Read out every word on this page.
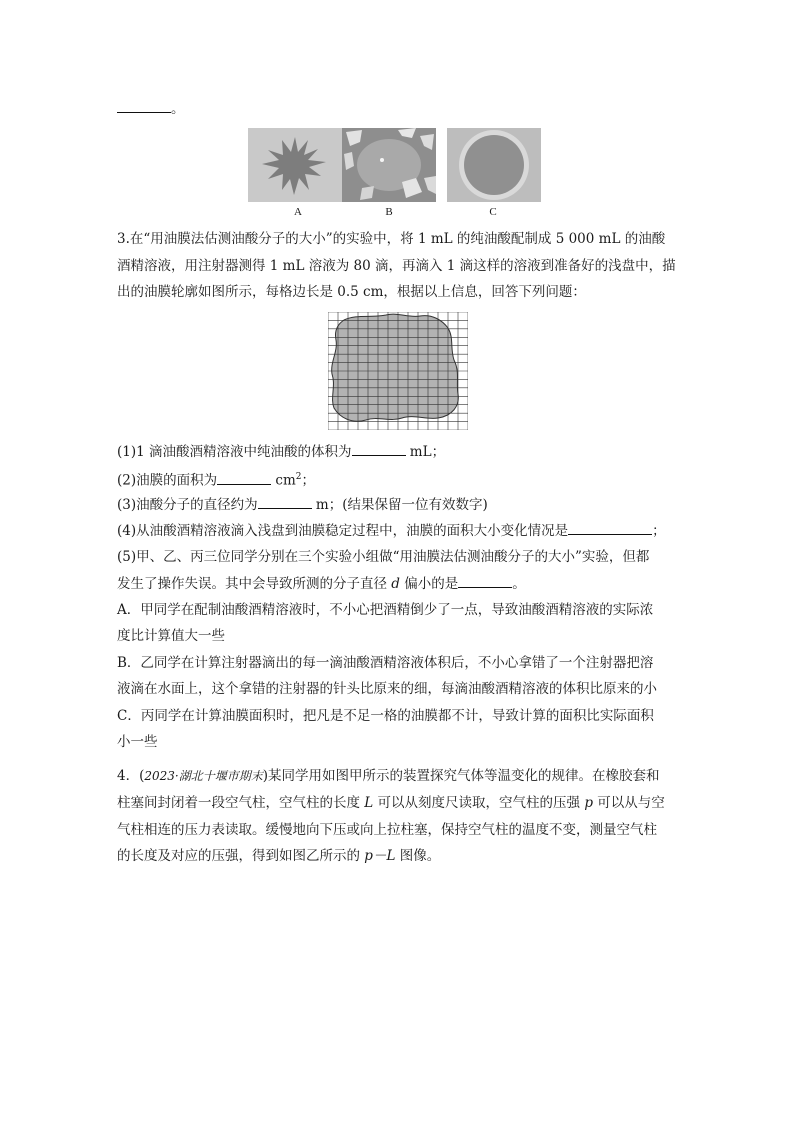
。
A	B	C
3.在“用油膜法估测油酸分子的大小”的实验中，将 1 mL 的纯油酸配制成 5 000 mL 的油酸
酒精溶液，用注射器测得 1 mL 溶液为 80 滴，再滴入 1 滴这样的溶液到准备好的浅盘中，描
出的油膜轮廓如图所示，每格边长是 0.5 cm，根据以上信息，回答下列问题：
(1)1 滴油酸酒精溶液中纯油酸的体积为	mL；
(2)油膜的面积为	$cm^2$；
(3)油酸分子的直径约为	m；(结果保留一位有效数字)
(4)从油酸酒精溶液滴入浅盘到油膜稳定过程中，油膜的面积大小变化情况是	；
(5)甲、乙、丙三位同学分别在三个实验小组做“用油膜法估测油酸分子的大小”实验，但都
发生了操作失误。其中会导致所测的分子直径 d 偏小的是	。
A．甲同学在配制油酸酒精溶液时，不小心把酒精倒少了一点，导致油酸酒精溶液的实际浓
度比计算值大一些
B．乙同学在计算注射器滴出的每一滴油酸酒精溶液体积后，不小心拿错了一个注射器把溶
液滴在水面上，这个拿错的注射器的针头比原来的细，每滴油酸酒精溶液的体积比原来的小
C．丙同学在计算油膜面积时，把凡是不足一格的油膜都不计，导致计算的面积比实际面积
小一些
4．(2023·湖北十堰市期末)某同学用如图甲所示的装置探究气体等温变化的规律。在橡胶套和
柱塞间封闭着一段空气柱，空气柱的长度 L 可以从刻度尺读取，空气柱的压强 p 可以从与空
气柱相连的压力表读取。缓慢地向下压或向上拉柱塞，保持空气柱的温度不变，测量空气柱
的长度及对应的压强，得到如图乙所示的 p－L 图像。
